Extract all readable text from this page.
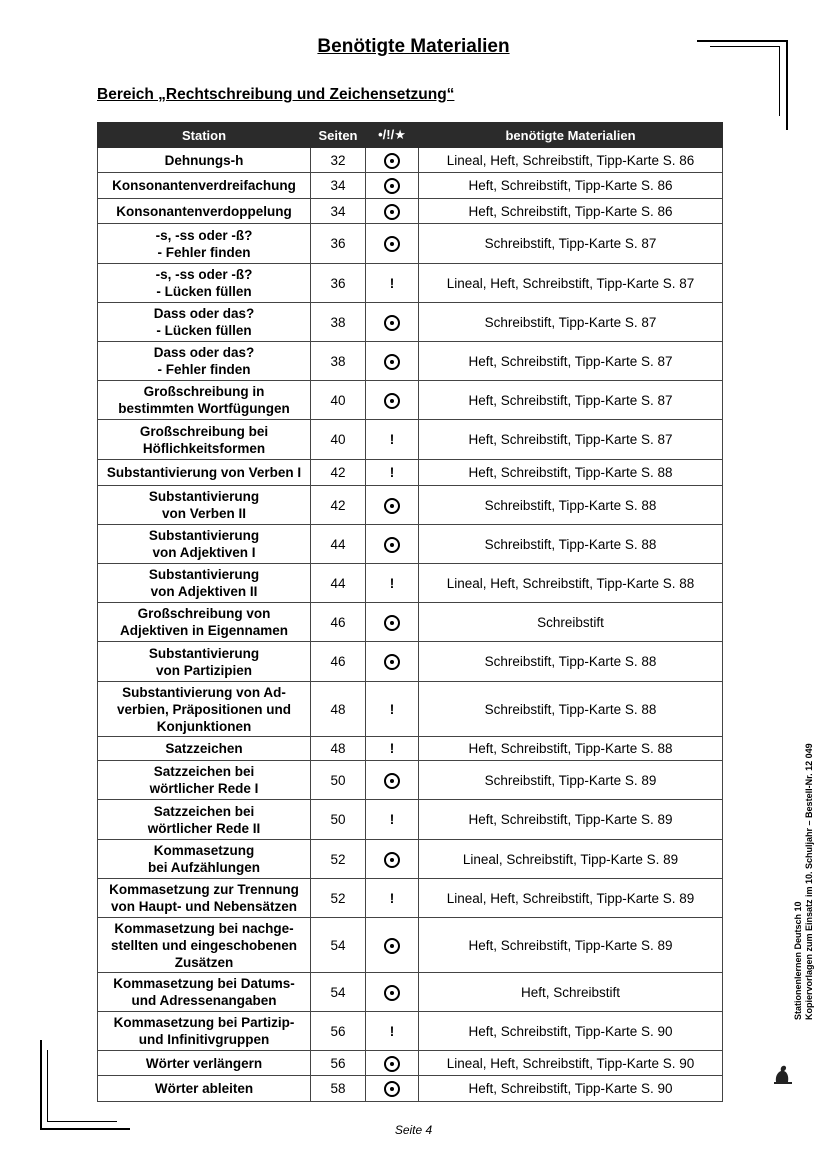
Benötigte Materialien
Bereich „Rechtschreibung und Zeichensetzung“
Station	Seiten	•/!/★	benötigte Materialien
Dehnungs-h	32		Lineal, Heft, Schreibstift, Tipp-Karte S. 86
Konsonantenverdreifachung	34		Heft, Schreibstift, Tipp-Karte S. 86
Konsonantenverdoppelung	34		Heft, Schreibstift, Tipp-Karte S. 86
-s, -ss oder -ß?
- Fehler finden	36		Schreibstift, Tipp-Karte S. 87
-s, -ss oder -ß?
- Lücken füllen	36	!	Lineal, Heft, Schreibstift, Tipp-Karte S. 87
Dass oder das?
- Lücken füllen	38		Schreibstift, Tipp-Karte S. 87
Dass oder das?
- Fehler finden	38		Heft, Schreibstift, Tipp-Karte S. 87
Großschreibung in
bestimmten Wortfügungen	40		Heft, Schreibstift, Tipp-Karte S. 87
Großschreibung bei
Höflichkeitsformen	40	!	Heft, Schreibstift, Tipp-Karte S. 87
Substantivierung von Verben I	42	!	Heft, Schreibstift, Tipp-Karte S. 88
Substantivierung
von Verben II	42		Schreibstift, Tipp-Karte S. 88
Substantivierung
von Adjektiven I	44		Schreibstift, Tipp-Karte S. 88
Substantivierung
von Adjektiven II	44	!	Lineal, Heft, Schreibstift, Tipp-Karte S. 88
Großschreibung von
Adjektiven in Eigennamen	46		Schreibstift
Substantivierung
von Partizipien	46		Schreibstift, Tipp-Karte S. 88
Substantivierung von Ad-
verbien, Präpositionen und
Konjunktionen	48	!	Schreibstift, Tipp-Karte S. 88
Satzzeichen	48	!	Heft, Schreibstift, Tipp-Karte S. 88
Satzzeichen bei
wörtlicher Rede I	50		Schreibstift, Tipp-Karte S. 89
Satzzeichen bei
wörtlicher Rede II	50	!	Heft, Schreibstift, Tipp-Karte S. 89
Kommasetzung
bei Aufzählungen	52		Lineal, Schreibstift, Tipp-Karte S. 89
Kommasetzung zur Trennung
von Haupt- und Nebensätzen	52	!	Lineal, Heft, Schreibstift, Tipp-Karte S. 89
Kommasetzung bei nachge-
stellten und eingeschobenen
Zusätzen	54		Heft, Schreibstift, Tipp-Karte S. 89
Kommasetzung bei Datums-
und Adressenangaben	54		Heft, Schreibstift
Kommasetzung bei Partizip-
und Infinitivgruppen	56	!	Heft, Schreibstift, Tipp-Karte S. 90
Wörter verlängern	56		Lineal, Heft, Schreibstift, Tipp-Karte S. 90
Wörter ableiten	58		Heft, Schreibstift, Tipp-Karte S. 90
Seite 4
Stationenlernen Deutsch 10 Kopiervorlagen zum Einsatz im 10. Schuljahr – Bestell-Nr. 12 049
